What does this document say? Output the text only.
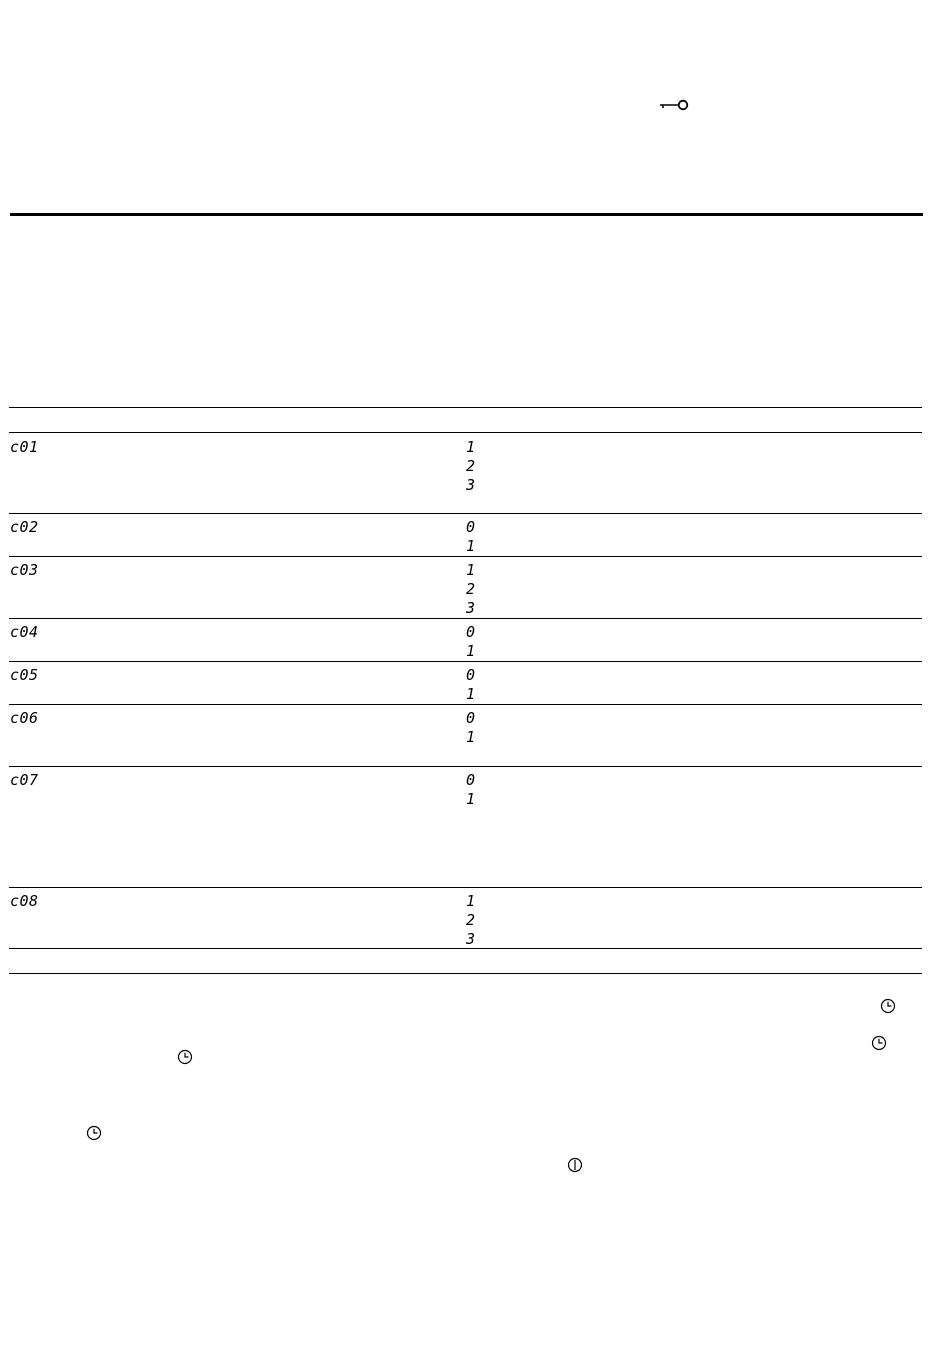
c01	1
2
3
c02	0
1
c03	1
2
3
c04	0
1
c05	0
1
c06	0
1
c07	0
1
c08	1
2
3
